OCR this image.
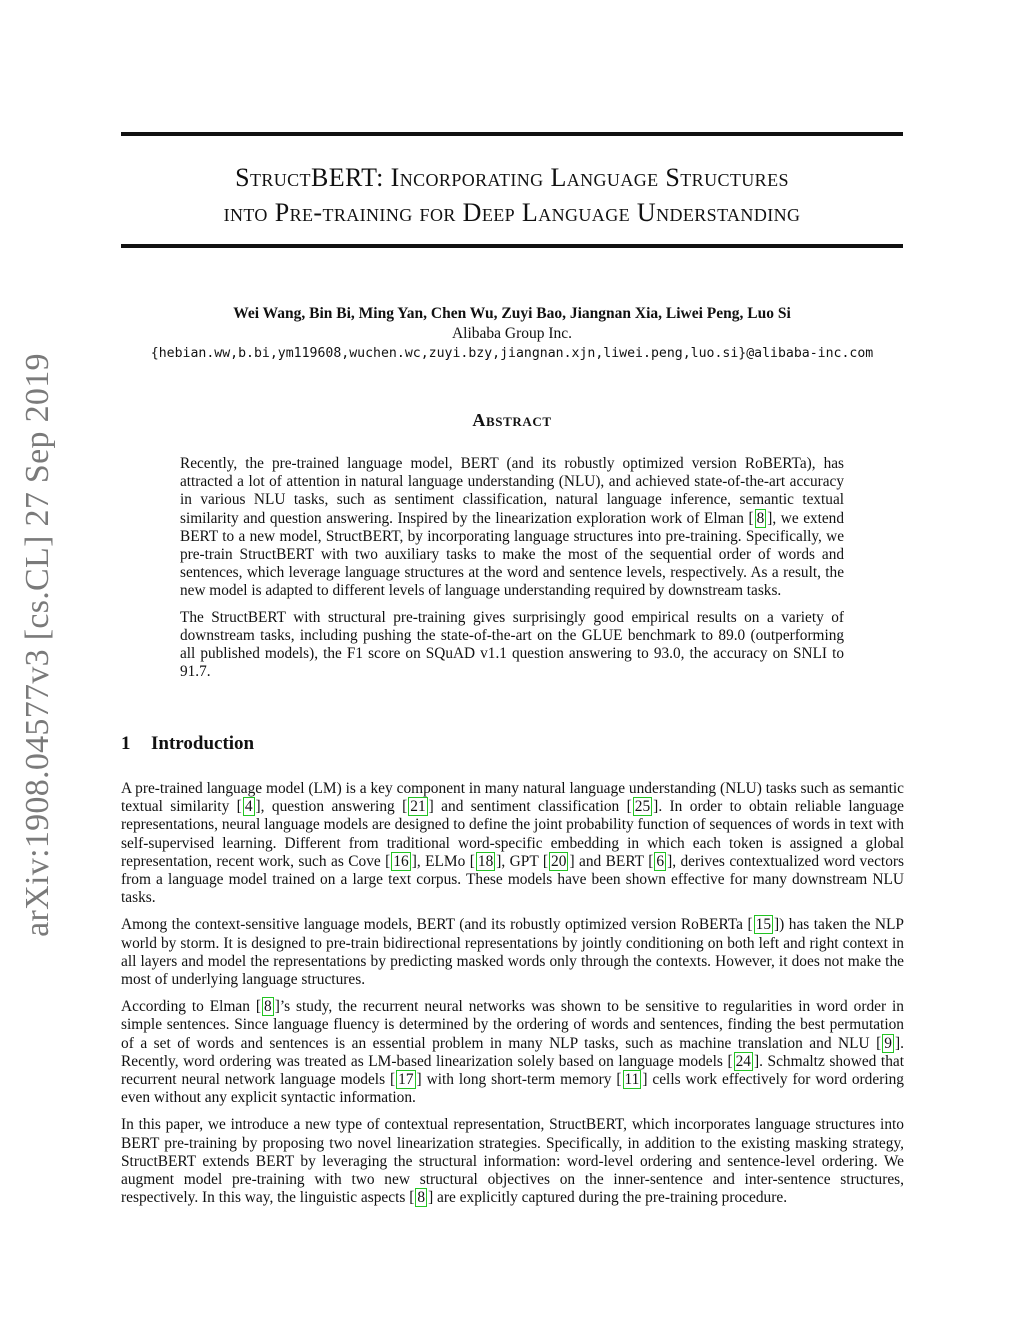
arXiv:1908.04577v3 [cs.CL] 27 Sep 2019
StructBERT: Incorporating Language Structures
into Pre-training for Deep Language Understanding
Wei Wang, Bin Bi, Ming Yan, Chen Wu, Zuyi Bao, Jiangnan Xia, Liwei Peng, Luo Si
Alibaba Group Inc.
{hebian.ww,b.bi,ym119608,wuchen.wc,zuyi.bzy,jiangnan.xjn,liwei.peng,luo.si}@alibaba-inc.com
Abstract

Recently, the pre-trained language model, BERT (and its robustly optimized version RoBERTa), has attracted a lot of attention in natural language understanding (NLU), and achieved state-of-the-art accuracy in various NLU tasks, such as sentiment classification, natural language inference, semantic textual similarity and question answering. Inspired by the linearization exploration work of Elman [ 8 ], we extend BERT to a new model, StructBERT, by incorporating language structures into pre-training. Specifically, we pre-train StructBERT with two auxiliary tasks to make the most of the sequential order of words and sentences, which leverage language structures at the word and sentence levels, respectively. As a result, the new model is adapted to different levels of language understanding required by downstream tasks.

The StructBERT with structural pre-training gives surprisingly good empirical results on a variety of downstream tasks, including pushing the state-of-the-art on the GLUE benchmark to 89.0 (outperforming all published models), the F1 score on SQuAD v1.1 question answering to 93.0, the accuracy on SNLI to 91.7.

1 Introduction

A pre-trained language model (LM) is a key component in many natural language understanding (NLU) tasks such as semantic textual similarity [ 4 ], question answering [ 21 ] and sentiment classification [ 25 ]. In order to obtain reliable language representations, neural language models are designed to define the joint probability function of sequences of words in text with self-supervised learning. Different from traditional word-specific embedding in which each token is assigned a global representation, recent work, such as Cove [ 16 ], ELMo [ 18 ], GPT [ 20 ] and BERT [ 6 ], derives contextualized word vectors from a language model trained on a large text corpus. These models have been shown effective for many downstream NLU tasks.

Among the context-sensitive language models, BERT (and its robustly optimized version RoBERTa [ 15 ]) has taken the NLP world by storm. It is designed to pre-train bidirectional representations by jointly conditioning on both left and right context in all layers and model the representations by predicting masked words only through the contexts. However, it does not make the most of underlying language structures.

According to Elman [ 8 ]’s study, the recurrent neural networks was shown to be sensitive to regularities in word order in simple sentences. Since language fluency is determined by the ordering of words and sentences, finding the best permutation of a set of words and sentences is an essential problem in many NLP tasks, such as machine translation and NLU [ 9 ]. Recently, word ordering was treated as LM-based linearization solely based on language models [ 24 ]. Schmaltz showed that recurrent neural network language models [ 17 ] with long short-term memory [ 11 ] cells work effectively for word ordering even without any explicit syntactic information.

In this paper, we introduce a new type of contextual representation, StructBERT, which incorporates language structures into BERT pre-training by proposing two novel linearization strategies. Specifically, in addition to the existing masking strategy, StructBERT extends BERT by leveraging the structural information: word-level ordering and sentence-level ordering. We augment model pre-training with two new structural objectives on the inner-sentence and inter-sentence structures, respectively. In this way, the linguistic aspects [ 8 ] are explicitly captured during the pre-training procedure.
